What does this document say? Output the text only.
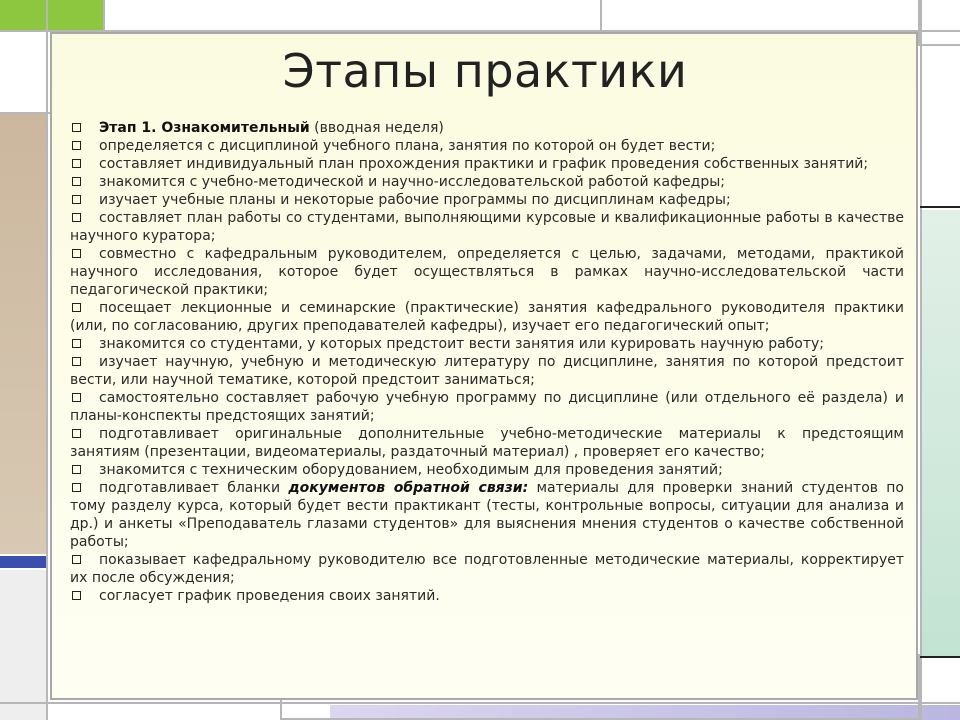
Этапы практики
Этап 1. Ознакомительный (вводная неделя)
определяется с дисциплиной учебного плана, занятия по которой он будет вести;
составляет индивидуальный план прохождения практики и график проведения собственных занятий;
знакомится с учебно-методической и научно-исследовательской работой кафедры;
изучает учебные планы и некоторые рабочие программы по дисциплинам кафедры;
составляет план работы со студентами, выполняющими курсовые и квалификационные работы в качестве научного куратора;
совместно с кафедральным руководителем, определяется с целью, задачами, методами, практикой научного исследования, которое будет осуществляться в рамках научно-исследовательской части педагогической практики;
посещает лекционные и семинарские (практические) занятия кафедрального руководителя практики (или, по согласованию, других преподавателей кафедры), изучает его педагогический опыт;
знакомится со студентами, у которых предстоит вести занятия или курировать научную работу;
изучает научную, учебную и методическую литературу по дисциплине, занятия по которой предстоит вести, или научной тематике, которой предстоит заниматься;
самостоятельно составляет рабочую учебную программу по дисциплине (или отдельного её раздела) и планы-конспекты предстоящих занятий;
подготавливает оригинальные дополнительные учебно-методические материалы к предстоящим занятиям (презентации, видеоматериалы, раздаточный материал) , проверяет его качество;
знакомится с техническим оборудованием, необходимым для проведения занятий;
подготавливает бланки документов обратной связи: материалы для проверки знаний студентов по тому разделу курса, который будет вести практикант (тесты, контрольные вопросы, ситуации для анализа и др.) и анкеты «Преподаватель глазами студентов» для выяснения мнения студентов о качестве собственной работы;
показывает кафедральному руководителю все подготовленные методические материалы, корректирует их после обсуждения;
согласует график проведения своих занятий.
